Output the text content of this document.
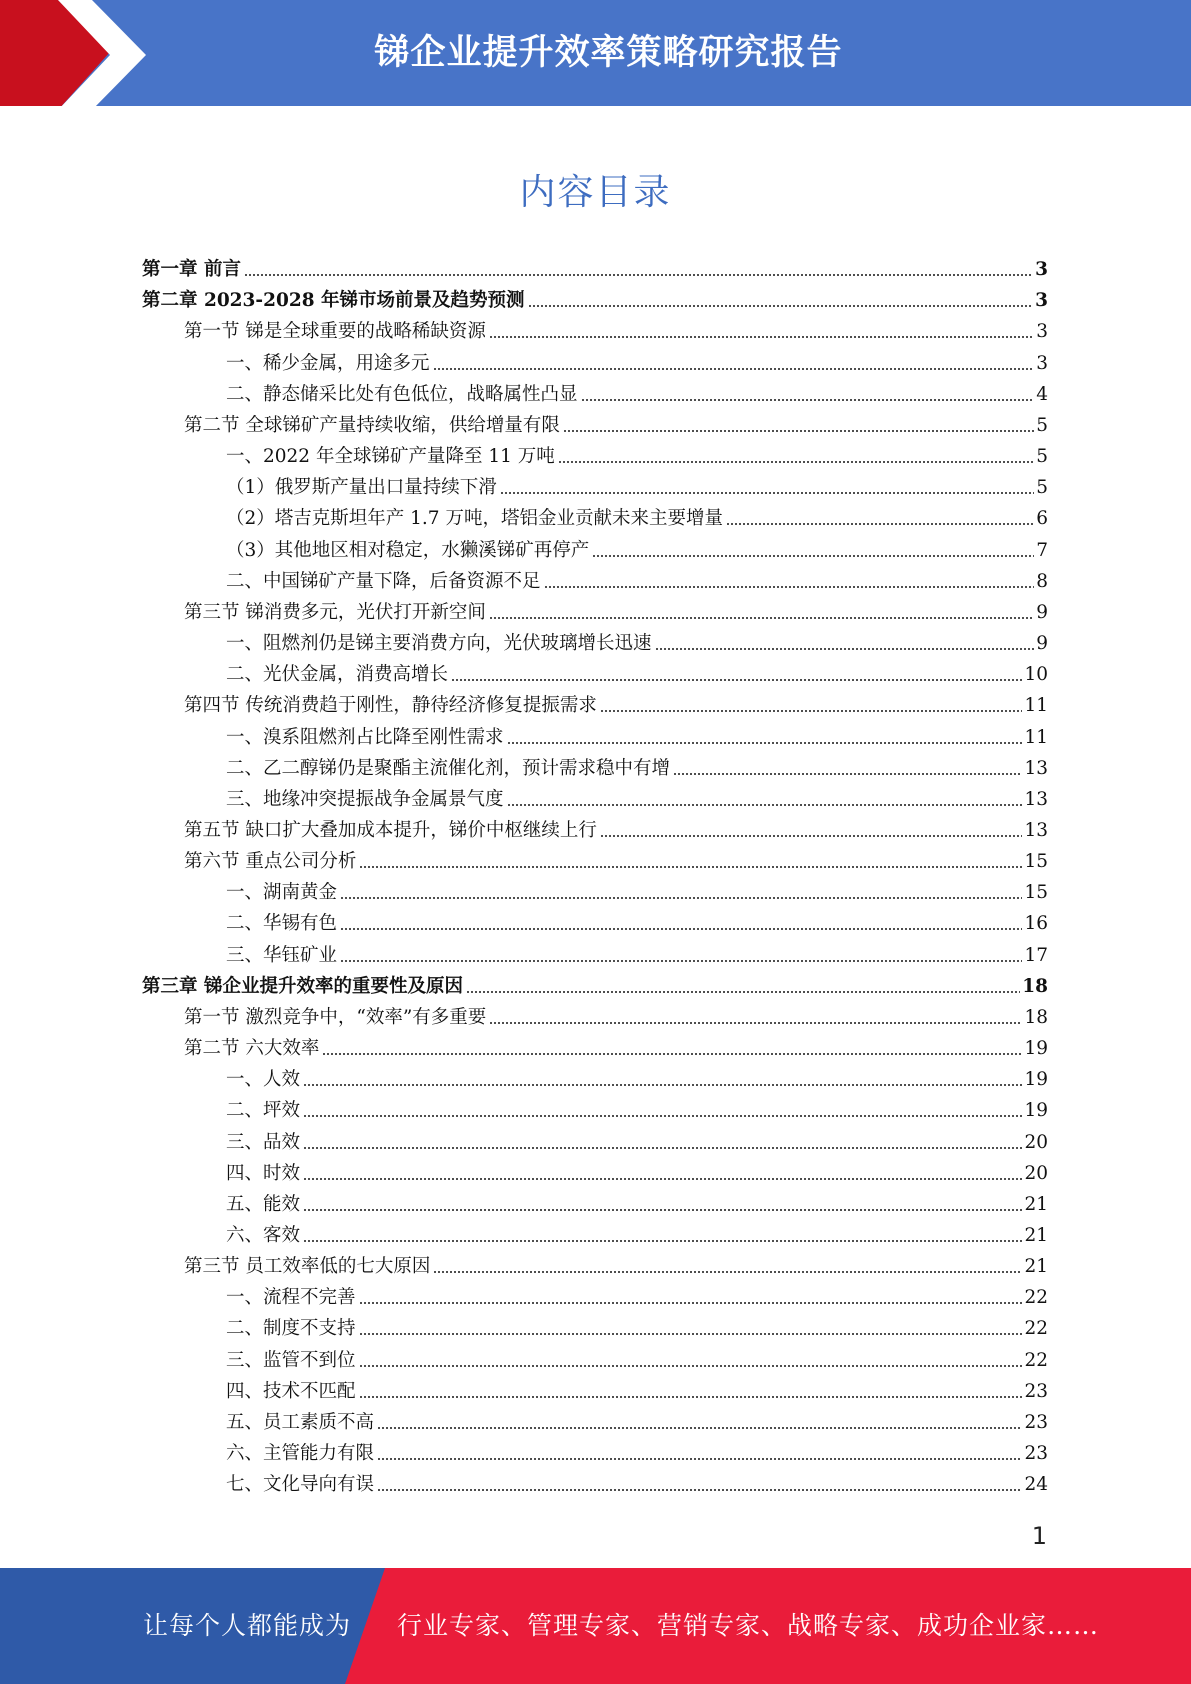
锑企业提升效率策略研究报告
内容目录
第一章 前言	3
第二章 2023-2028 年锑市场前景及趋势预测	3
第一节 锑是全球重要的战略稀缺资源	3
一、稀少金属，用途多元	3
二、静态储采比处有色低位，战略属性凸显	4
第二节 全球锑矿产量持续收缩，供给增量有限	5
一、2022 年全球锑矿产量降至 11 万吨	5
（1）俄罗斯产量出口量持续下滑	5
（2）塔吉克斯坦年产 1.7 万吨，塔铝金业贡献未来主要增量	6
（3）其他地区相对稳定，水獭溪锑矿再停产	7
二、中国锑矿产量下降，后备资源不足	8
第三节 锑消费多元，光伏打开新空间	9
一、阻燃剂仍是锑主要消费方向，光伏玻璃增长迅速	9
二、光伏金属，消费高增长	10
第四节 传统消费趋于刚性，静待经济修复提振需求	11
一、溴系阻燃剂占比降至刚性需求	11
二、乙二醇锑仍是聚酯主流催化剂，预计需求稳中有增	13
三、地缘冲突提振战争金属景气度	13
第五节 缺口扩大叠加成本提升，锑价中枢继续上行	13
第六节 重点公司分析	15
一、湖南黄金	15
二、华锡有色	16
三、华钰矿业	17
第三章 锑企业提升效率的重要性及原因	18
第一节 激烈竞争中，“效率”有多重要	18
第二节 六大效率	19
一、人效	19
二、坪效	19
三、品效	20
四、时效	20
五、能效	21
六、客效	21
第三节 员工效率低的七大原因	21
一、流程不完善	22
二、制度不支持	22
三、监管不到位	22
四、技术不匹配	23
五、员工素质不高	23
六、主管能力有限	23
七、文化导向有误	24
1
让每个人都能成为 行业专家、管理专家、营销专家、战略专家、成功企业家……
